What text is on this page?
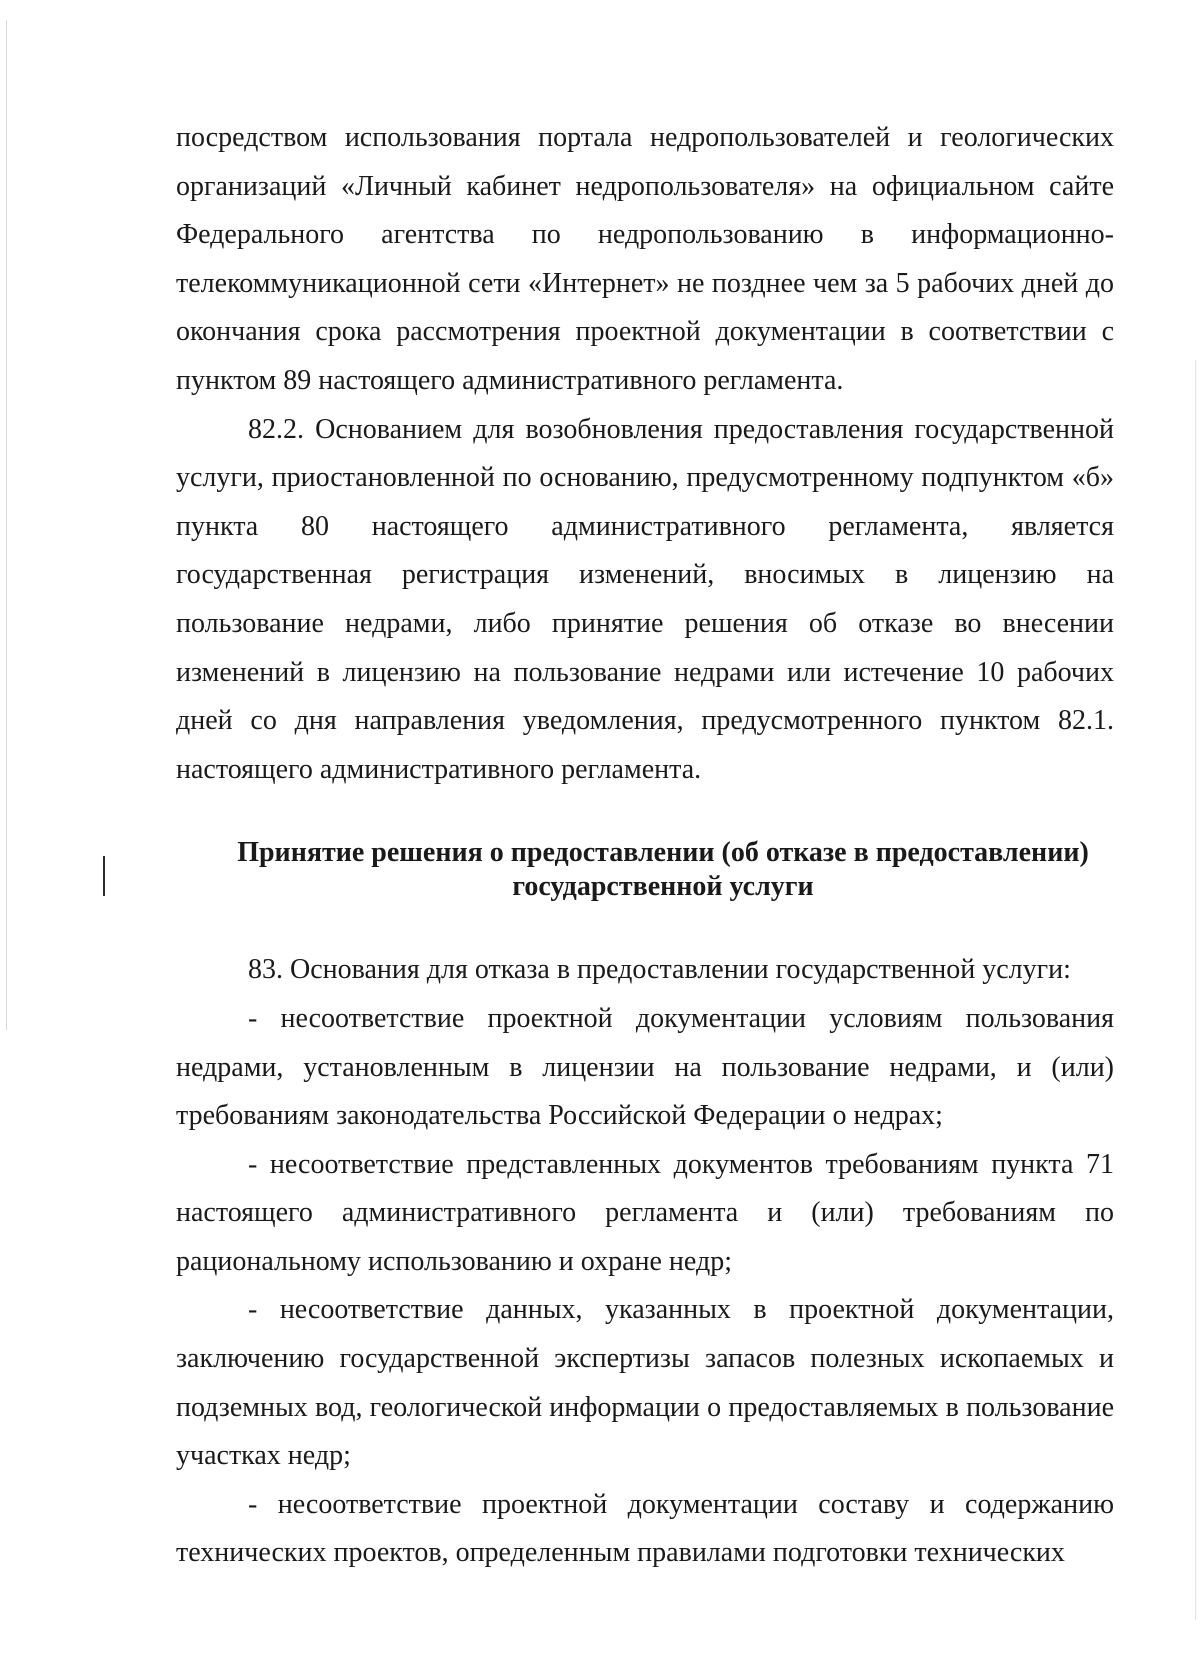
посредством использования портала недропользователей и геологических организаций «Личный кабинет недропользователя» на официальном сайте Федерального агентства по недропользованию в информационно-телекоммуникационной сети «Интернет» не позднее чем за 5 рабочих дней до окончания срока рассмотрения проектной документации в соответствии с пунктом 89 настоящего административного регламента.

82.2. Основанием для возобновления предоставления государственной услуги, приостановленной по основанию, предусмотренному подпунктом «б» пункта 80 настоящего административного регламента, является государственная регистрация изменений, вносимых в лицензию на пользование недрами, либо принятие решения об отказе во внесении изменений в лицензию на пользование недрами или истечение 10 рабочих дней со дня направления уведомления, предусмотренного пунктом 82.1. настоящего административного регламента.

Принятие решения о предоставлении (об отказе в предоставлении)
государственной услуги

83. Основания для отказа в предоставлении государственной услуги:

- несоответствие проектной документации условиям пользования недрами, установленным в лицензии на пользование недрами, и (или) требованиям законодательства Российской Федерации о недрах;

- несоответствие представленных документов требованиям пункта 71 настоящего административного регламента и (или) требованиям по рациональному использованию и охране недр;

- несоответствие данных, указанных в проектной документации, заключению государственной экспертизы запасов полезных ископаемых и подземных вод, геологической информации о предоставляемых в пользование участках недр;

- несоответствие проектной документации составу и содержанию технических проектов, определенным правилами подготовки технических
